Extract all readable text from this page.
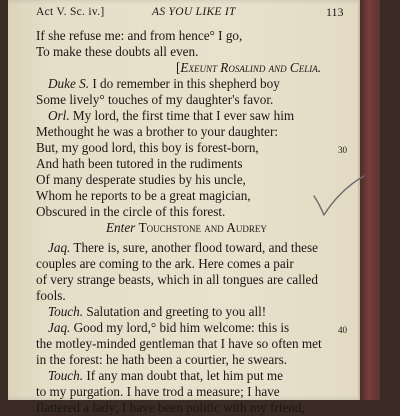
Act V. Sc. iv.]	AS YOU LIKE IT	113
If she refuse me: and from hence° I go,
To make these doubts all even.
[Exeunt Rosalind and Celia.
Duke S. I do remember in this shepherd boy
Some lively° touches of my daughter's favor.
Orl. My lord, the first time that I ever saw him
Methought he was a brother to your daughter:
But, my good lord, this boy is forest-born,	30
And hath been tutored in the rudiments
Of many desperate studies by his uncle,
Whom he reports to be a great magician,
Obscured in the circle of this forest.
Enter Touchstone and Audrey
Jaq. There is, sure, another flood toward, and these
couples are coming to the ark. Here comes a pair
of very strange beasts, which in all tongues are called
fools.
Touch. Salutation and greeting to you all!
Jaq. Good my lord,° bid him welcome: this is	40
the motley-minded gentleman that I have so often met
in the forest: he hath been a courtier, he swears.
Touch. If any man doubt that, let him put me
to my purgation. I have trod a measure; I have
flattered a lady; I have been politic with my friend,
